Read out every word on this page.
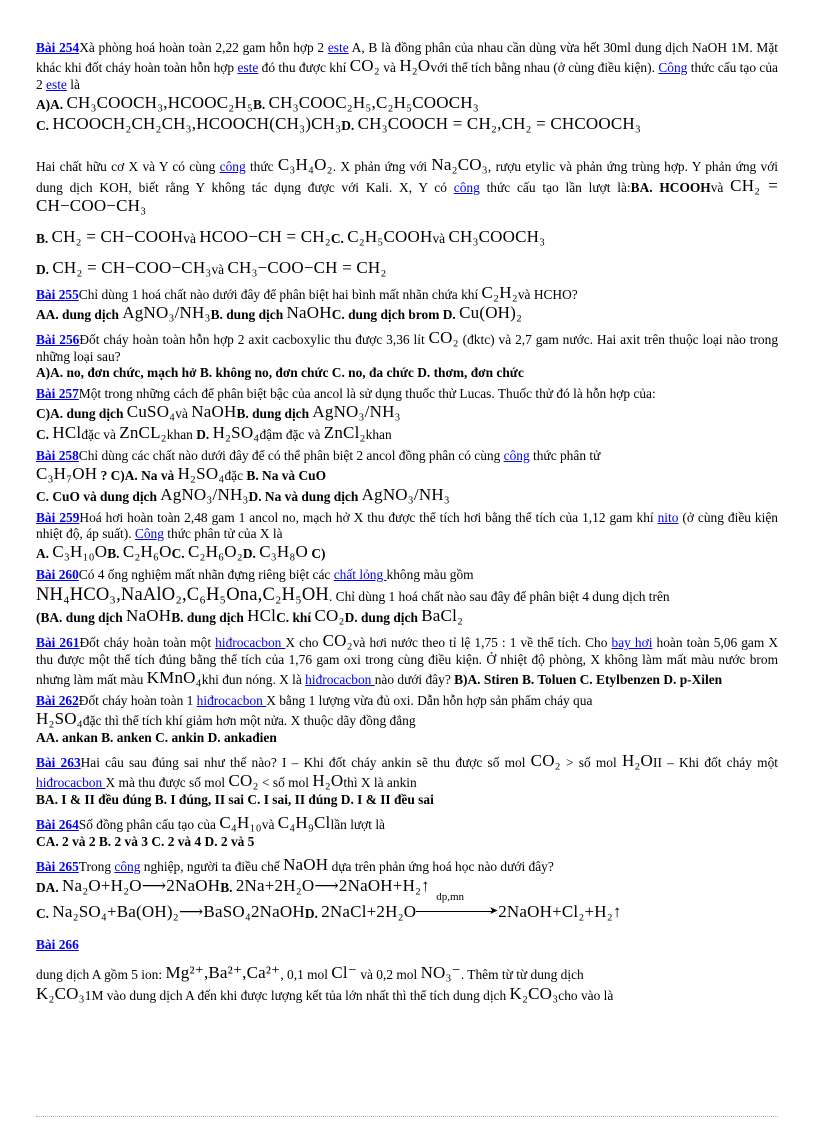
Bài 254Xà phòng hoá hoàn toàn 2,22 gam hỗn hợp 2 este A, B là đồng phân của nhau cần dùng vừa hết 30ml dung dịch NaOH 1M. Mặt khác khi đốt cháy hoàn toàn hỗn hợp este đó thu được khí CO₂ và H₂Ovới thể tích bằng nhau (ở cùng điều kiện). Công thức cấu tạo của 2 este là
A)A. CH₃COOCH₃,HCOOC₂H₅B. CH₃COOC₂H₅,C₂H₅COOCH₃
C. HCOOCH₂CH₂CH₃,HCOOCH(CH₃)CH₃D. CH₃COOCH = CH₂,CH₂ = CHCOOCH₃
Hai chất hữu cơ X và Y có cùng công thức C₃H₄O₂. X phản ứng với Na₂CO₃, rượu etylic và phản ứng trùng hợp. Y phản ứng với dung dịch KOH, biết rằng Y không tác dụng được với Kali. X, Y có công thức cấu tạo lần lượt là:BA. HCOOHvà CH₂ = CH−COO−CH₃
B. CH₂ = CH−COOHvà HCOO−CH = CH₂C. C₂H₅COOHvà CH₃COOCH₃
D. CH₂ = CH−COO−CH₃và CH₃−COO−CH = CH₂
Bài 255Chỉ dùng 1 hoá chất nào dưới đây để phân biệt hai bình mất nhãn chứa khí C₂H₂và HCHO?
AA. dung dịch AgNO₃/NH₃B. dung dịch NaOHC. dung dịch brom D. Cu(OH)₂
Bài 256Đốt cháy hoàn toàn hỗn hợp 2 axit cacboxylic thu được 3,36 lít CO₂ (đktc) và 2,7 gam nước. Hai axit trên thuộc loại nào trong những loại sau?
A)A. no, đơn chức, mạch hở B. không no, đơn chức C. no, đa chức D. thơm, đơn chức
Bài 257Một trong những cách để phân biệt bậc của ancol là sử dụng thuốc thử Lucas. Thuốc thử đó là hỗn hợp của:
C)A. dung dịch CuSO₄và NaOHB. dung dịch AgNO₃/NH₃
C. HClđặc và ZnCL₂khan D. H₂SO₄đậm đặc và ZnCl₂khan
Bài 258Chỉ dùng các chất nào dưới đây để có thể phân biệt 2 ancol đồng phân có cùng công thức phân tử
C₃H₇OH ? C)A. Na và H₂SO₄đặc B. Na và CuO
C. CuO và dung dịch AgNO₃/NH₃D. Na và dung dịch AgNO₃/NH₃
Bài 259Hoá hơi hoàn toàn 2,48 gam 1 ancol no, mạch hở X thu được thể tích hơi bằng thể tích của 1,12 gam khí nito (ở cùng điều kiện nhiệt độ, áp suất). Công thức phân tử của X là
A. C₃H₁₀OB. C₂H₆OC. C₂H₆O₂D. C₃H₈O C)
Bài 260Có 4 ống nghiệm mất nhãn đựng riêng biệt các chất lỏng không màu gồm
NH₄HCO₃,NaAlO₂,C₆H₅Ona,C₂H₅OH. Chỉ dùng 1 hoá chất nào sau đây để phân biệt 4 dung dịch trên
(BA. dung dịch NaOHB. dung dịch HClC. khí CO₂D. dung dịch BaCl₂
Bài 261Đốt cháy hoàn toàn một hiđrocacbon X cho CO₂và hơi nước theo tỉ lệ 1,75 : 1 về thể tích. Cho bay hơi hoàn toàn 5,06 gam X thu được một thể tích đúng bằng thể tích của 1,76 gam oxi trong cùng điều kiện. Ở nhiệt độ phòng, X không làm mất màu nước brom nhưng làm mất màu KMnO₄khi đun nóng. X là hiđrocacbon nào dưới đây? B)A. Stiren B. Toluen C. Etylbenzen D. p-Xilen
Bài 262Đốt cháy hoàn toàn 1 hiđrocacbon X bằng 1 lượng vừa đủ oxi. Dẫn hỗn hợp sản phẩm cháy qua
H₂SO₄đặc thì thể tích khí giảm hơn một nửa. X thuộc dãy đồng đẳng
AA. ankan B. anken C. ankin D. ankađien
Bài 263Hai câu sau đúng sai như thế nào? I – Khi đốt cháy ankin sẽ thu được số mol CO₂ > số mol H₂OII – Khi đốt cháy một hiđrocacbon X mà thu được số mol CO₂ < số mol H₂Othì X là ankin
BA. I & II đều đúng B. I đúng, II sai C. I sai, II đúng D. I & II đều sai
Bài 264Số đồng phân cấu tạo của C₄H₁₀và C₄H₉Cllần lượt là
CA. 2 và 2 B. 2 và 3 C. 2 và 4 D. 2 và 5
Bài 265Trong công nghiệp, người ta điều chế NaOH dựa trên phản ứng hoá học nào dưới đây?
DA. Na₂O+H₂O⟶2NaOHB. 2Na+2H₂O⟶2NaOH+H₂↑
C. Na₂SO₄+Ba(OH)₂⟶BaSO₄2NaOHD. 2NaCl+2H₂O
dp,mn
➤ 2NaOH+Cl₂+H₂↑
Bài 266
dung dịch A gồm 5 ion: Mg²⁺,Ba²⁺,Ca²⁺, 0,1 mol Cl⁻ và 0,2 mol NO₃⁻. Thêm từ từ dung dịch
K₂CO₃1M vào dung dịch A đến khi được lượng kết tủa lớn nhất thì thể tích dung dịch K₂CO₃cho vào là
